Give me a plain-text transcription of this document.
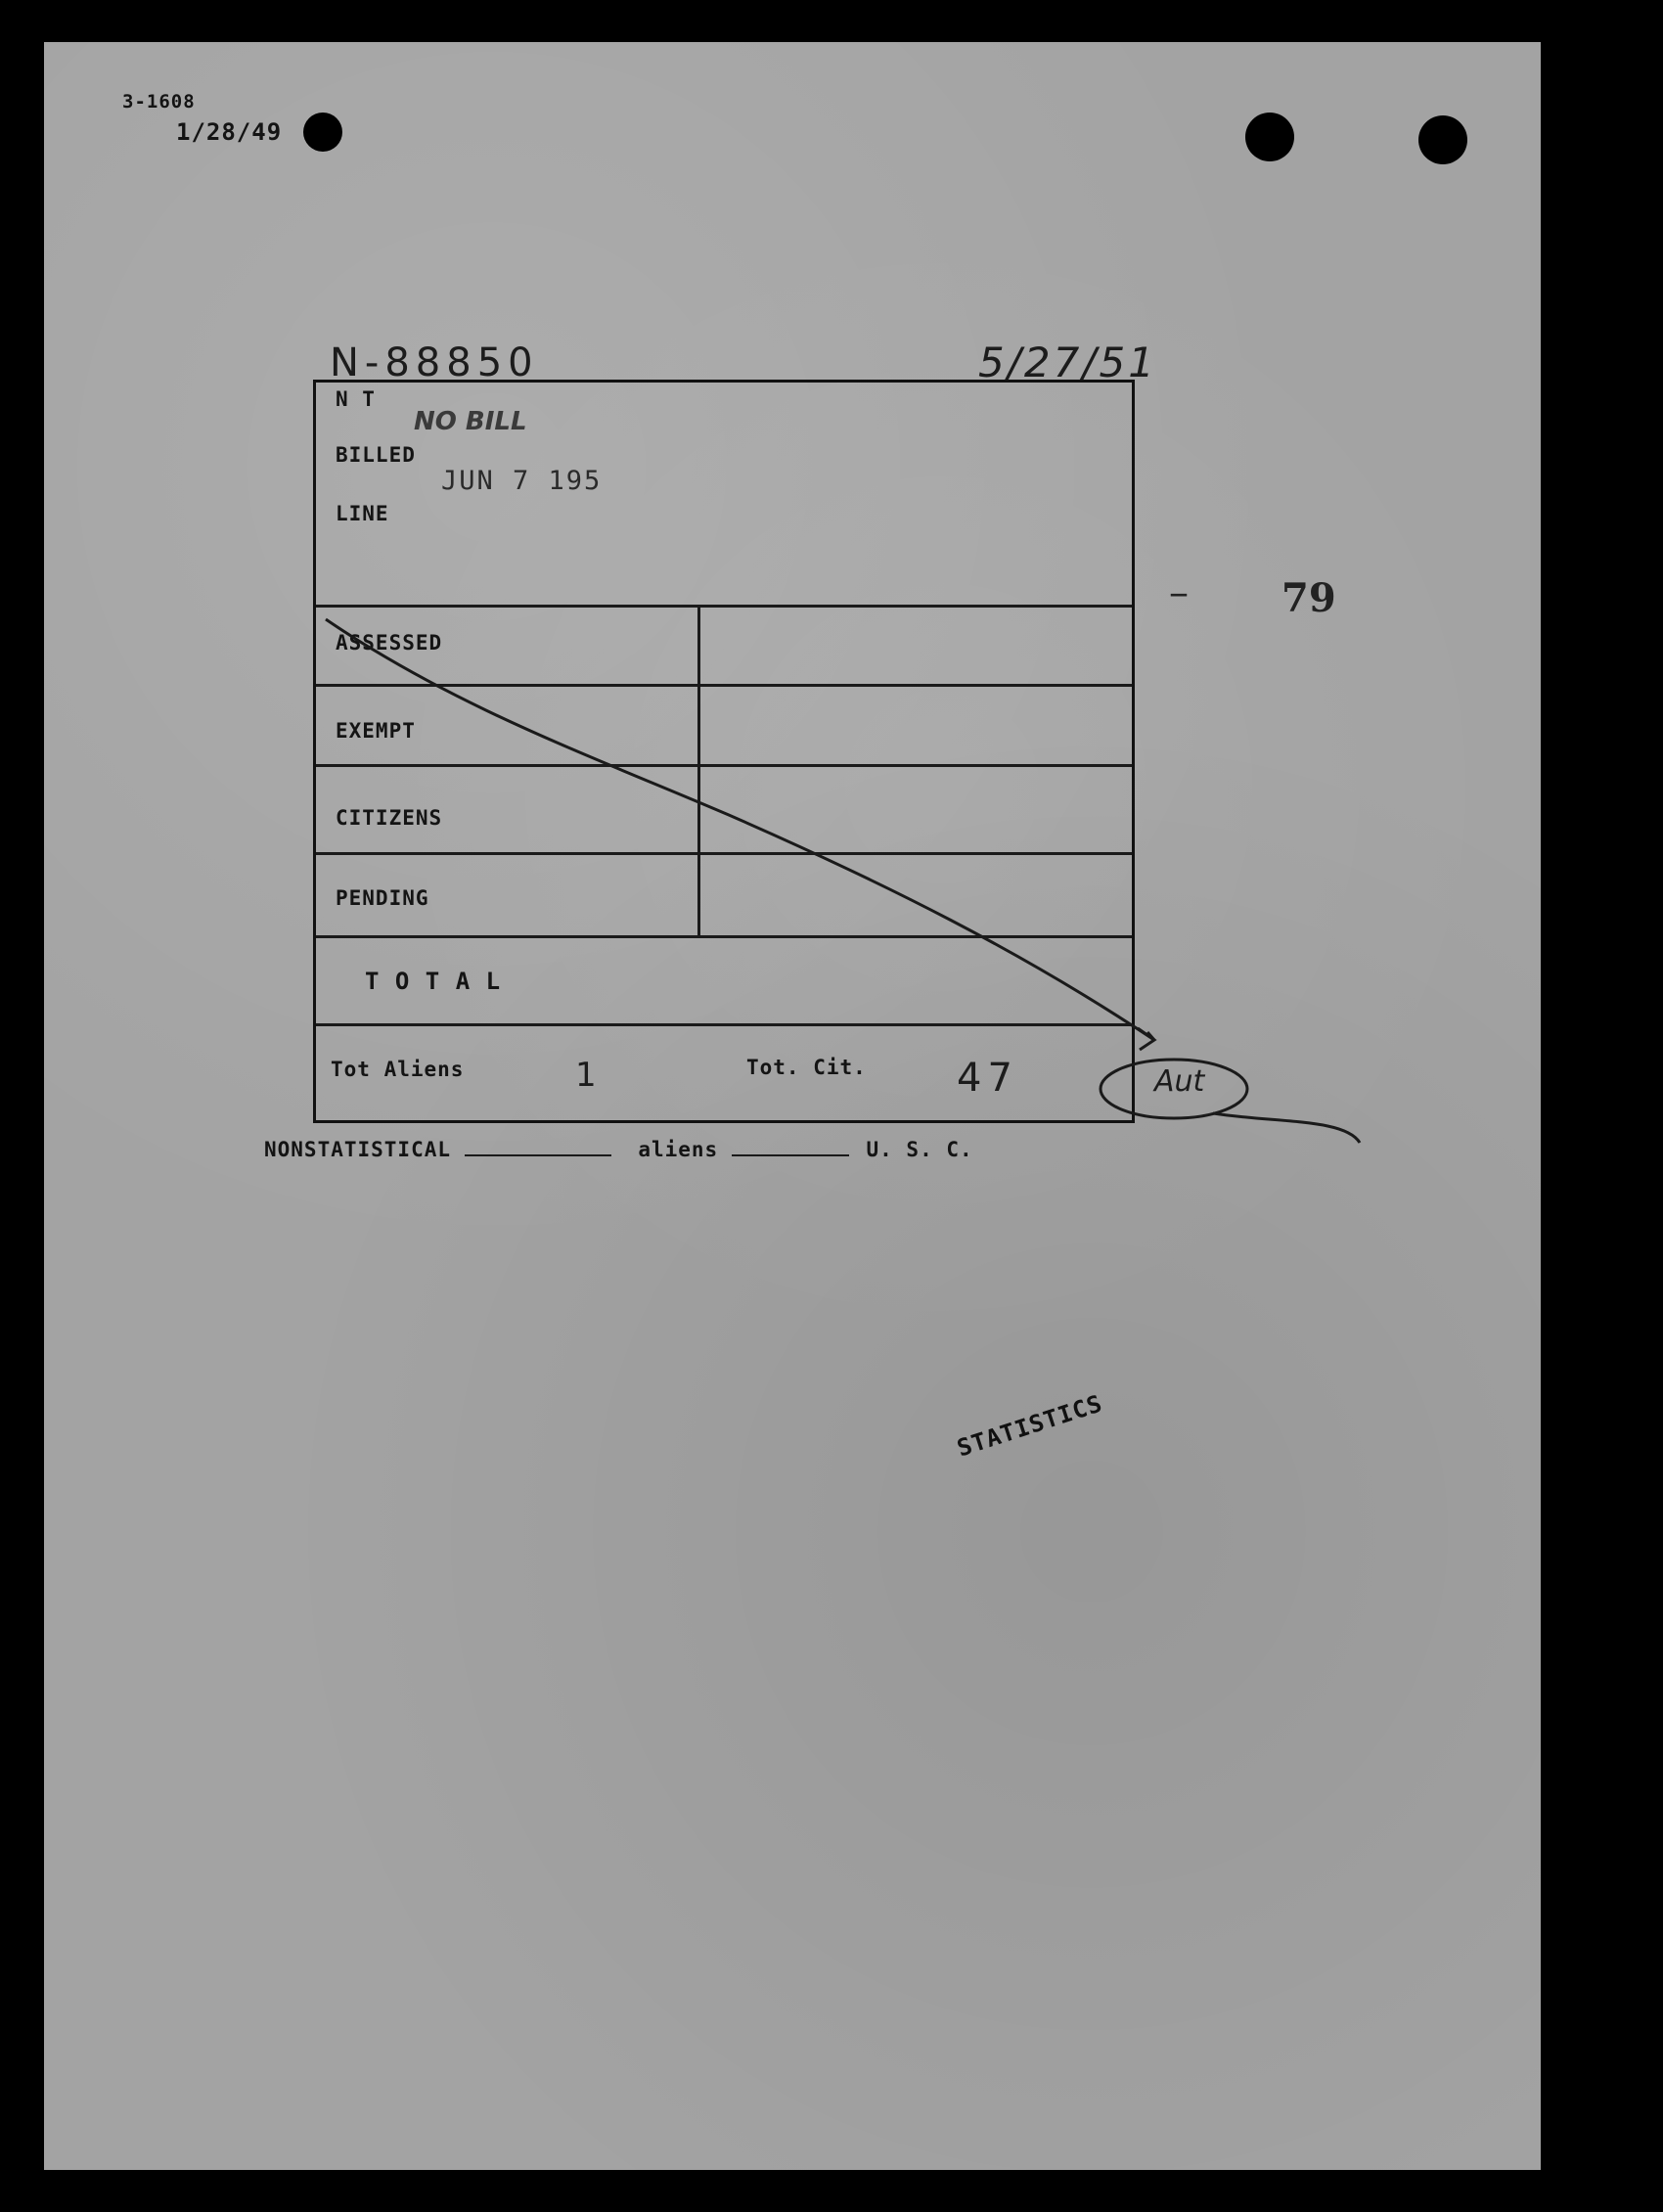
3-1608
1/28/49
N-88850	5/27/51
– 79
N T
BILLED
LINE
NO BILL
JUN 7 195
ASSESSED
EXEMPT
CITIZENS
PENDING
T O T A L
Tot Aliens	1	Tot. Cit. 47	Aut
NONSTATISTICAL	aliens	U. S. C.
STATISTICS
